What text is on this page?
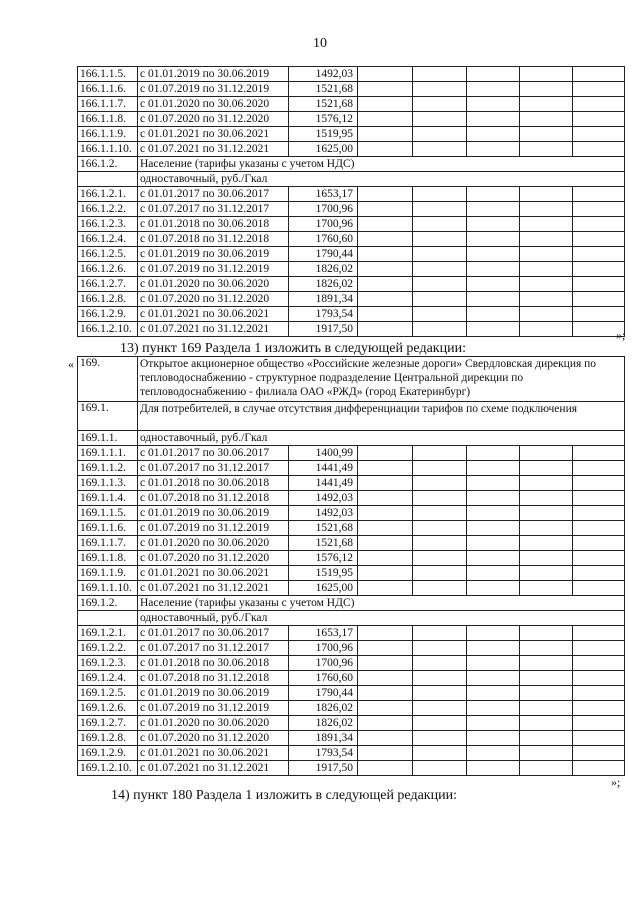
10
166.1.1.5.	с 01.01.2019 по 30.06.2019	1492,03					
166.1.1.6.	с 01.07.2019 по 31.12.2019	1521,68					
166.1.1.7.	с 01.01.2020 по 30.06.2020	1521,68					
166.1.1.8.	с 01.07.2020 по 31.12.2020	1576,12					
166.1.1.9.	с 01.01.2021 по 30.06.2021	1519,95					
166.1.1.10.	с 01.07.2021 по 31.12.2021	1625,00					
166.1.2.	Население (тарифы указаны с учетом НДС)						
	одноставочный, руб./Гкал						
166.1.2.1.	с 01.01.2017 по 30.06.2017	1653,17					
166.1.2.2.	с 01.07.2017 по 31.12.2017	1700,96					
166.1.2.3.	с 01.01.2018 по 30.06.2018	1700,96					
166.1.2.4.	с 01.07.2018 по 31.12.2018	1760,60					
166.1.2.5.	с 01.01.2019 по 30.06.2019	1790,44					
166.1.2.6.	с 01.07.2019 по 31.12.2019	1826,02					
166.1.2.7.	с 01.01.2020 по 30.06.2020	1826,02					
166.1.2.8.	с 01.07.2020 по 31.12.2020	1891,34					
166.1.2.9.	с 01.01.2021 по 30.06.2021	1793,54					
166.1.2.10.	с 01.07.2021 по 31.12.2021	1917,50						»;
13) пункт 169 Раздела 1 изложить в следующей редакции:
« 169.	Открытое акционерное общество «Российские железные дороги» Свердловская дирекция по тепловодоснабжению - структурное подразделение Центральной дирекции по тепловодоснабжению - филиала ОАО «РЖД» (город Екатеринбург)						
169.1.	Для потребителей, в случае отсутствия дифференциации тарифов по схеме подключения						
169.1.1.	одноставочный, руб./Гкал						
169.1.1.1.	с 01.01.2017 по 30.06.2017	1400,99					
169.1.1.2.	с 01.07.2017 по 31.12.2017	1441,49					
169.1.1.3.	с 01.01.2018 по 30.06.2018	1441,49					
169.1.1.4.	с 01.07.2018 по 31.12.2018	1492,03					
169.1.1.5.	с 01.01.2019 по 30.06.2019	1492,03					
169.1.1.6.	с 01.07.2019 по 31.12.2019	1521,68					
169.1.1.7.	с 01.01.2020 по 30.06.2020	1521,68					
169.1.1.8.	с 01.07.2020 по 31.12.2020	1576,12					
169.1.1.9.	с 01.01.2021 по 30.06.2021	1519,95					
169.1.1.10.	с 01.07.2021 по 31.12.2021	1625,00					
169.1.2.	Население (тарифы указаны с учетом НДС)						
	одноставочный, руб./Гкал						
169.1.2.1.	с 01.01.2017 по 30.06.2017	1653,17					
169.1.2.2.	с 01.07.2017 по 31.12.2017	1700,96					
169.1.2.3.	с 01.01.2018 по 30.06.2018	1700,96					
169.1.2.4.	с 01.07.2018 по 31.12.2018	1760,60					
169.1.2.5.	с 01.01.2019 по 30.06.2019	1790,44					
169.1.2.6.	с 01.07.2019 по 31.12.2019	1826,02					
169.1.2.7.	с 01.01.2020 по 30.06.2020	1826,02					
169.1.2.8.	с 01.07.2020 по 31.12.2020	1891,34					
169.1.2.9.	с 01.01.2021 по 30.06.2021	1793,54					
169.1.2.10.	с 01.07.2021 по 31.12.2021	1917,50					
»;
14) пункт 180 Раздела 1 изложить в следующей редакции:
